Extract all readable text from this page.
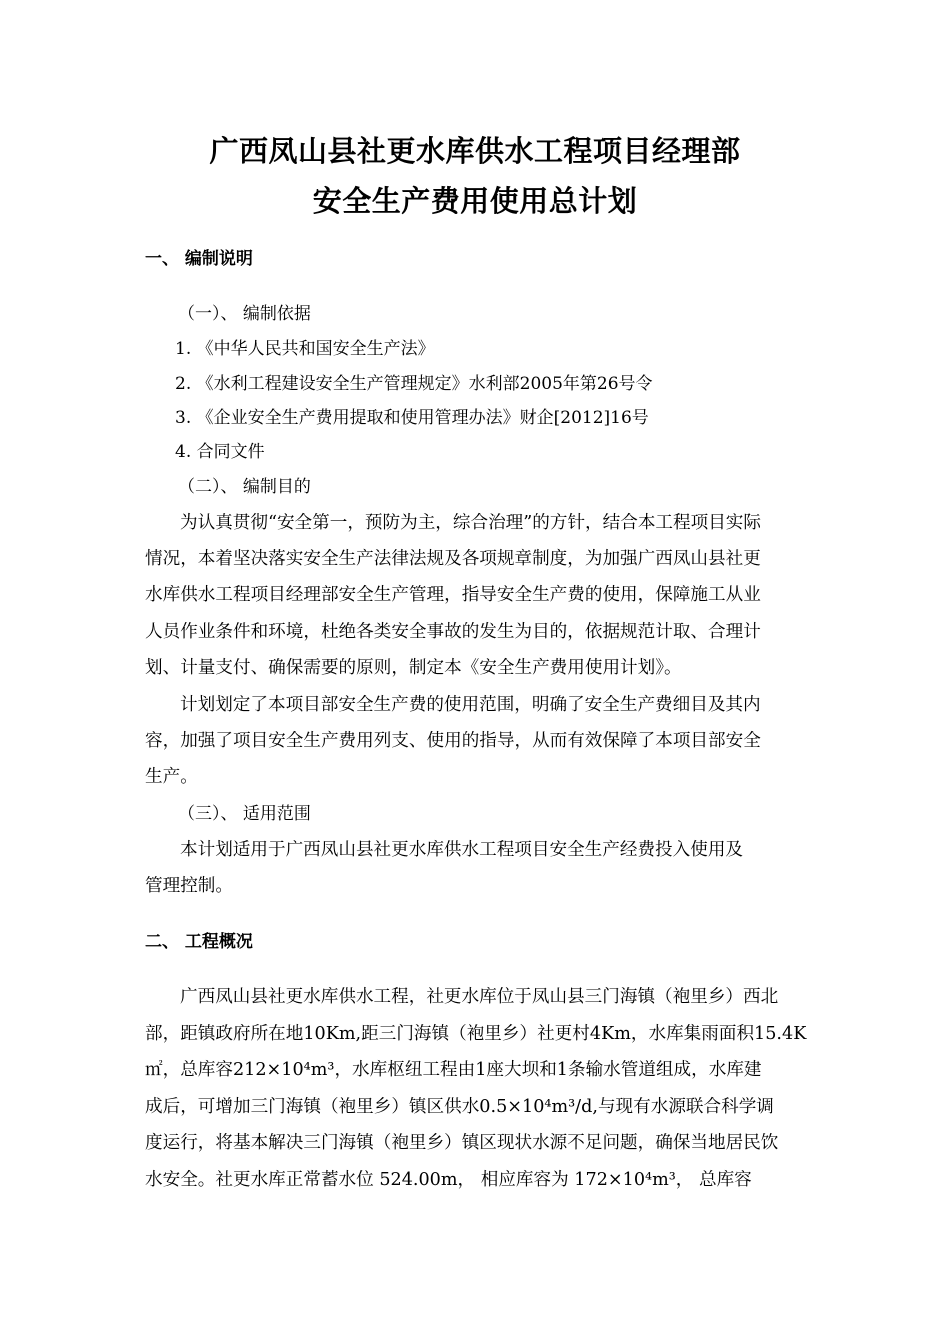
广西凤山县社更水库供水工程项目经理部
安全生产费用使用总计划
一、 编制说明

（一）、 编制依据

1. 《中华人民共和国安全生产法》

2. 《水利工程建设安全生产管理规定》水利部2005年第26号令

3. 《企业安全生产费用提取和使用管理办法》财企[2012]16号

4. 合同文件

（二）、 编制目的

为认真贯彻“安全第一，预防为主，综合治理”的方针，结合本工程项目实际
情况，本着坚决落实安全生产法律法规及各项规章制度，为加强广西凤山县社更
水库供水工程项目经理部安全生产管理，指导安全生产费的使用，保障施工从业
人员作业条件和环境，杜绝各类安全事故的发生为目的，依据规范计取、合理计
划、计量支付、确保需要的原则，制定本《安全生产费用使用计划》。
计划划定了本项目部安全生产费的使用范围，明确了安全生产费细目及其内
容，加强了项目安全生产费用列支、使用的指导，从而有效保障了本项目部安全
生产。

（三）、 适用范围

本计划适用于广西凤山县社更水库供水工程项目安全生产经费投入使用及
管理控制。
二、 工程概况
广西凤山县社更水库供水工程，社更水库位于凤山县三门海镇（袍里乡）西北
部，距镇政府所在地10Km,距三门海镇（袍里乡）社更村4Km，水库集雨面积15.4K
㎡，总库容212×10⁴m³，水库枢纽工程由1座大坝和1条输水管道组成，水库建
成后，可增加三门海镇（袍里乡）镇区供水0.5×10⁴m³/d,与现有水源联合科学调
度运行，将基本解决三门海镇（袍里乡）镇区现状水源不足问题，确保当地居民饮
水安全。社更水库正常蓄水位 524.00m， 相应库容为 172×10⁴m³， 总库容
